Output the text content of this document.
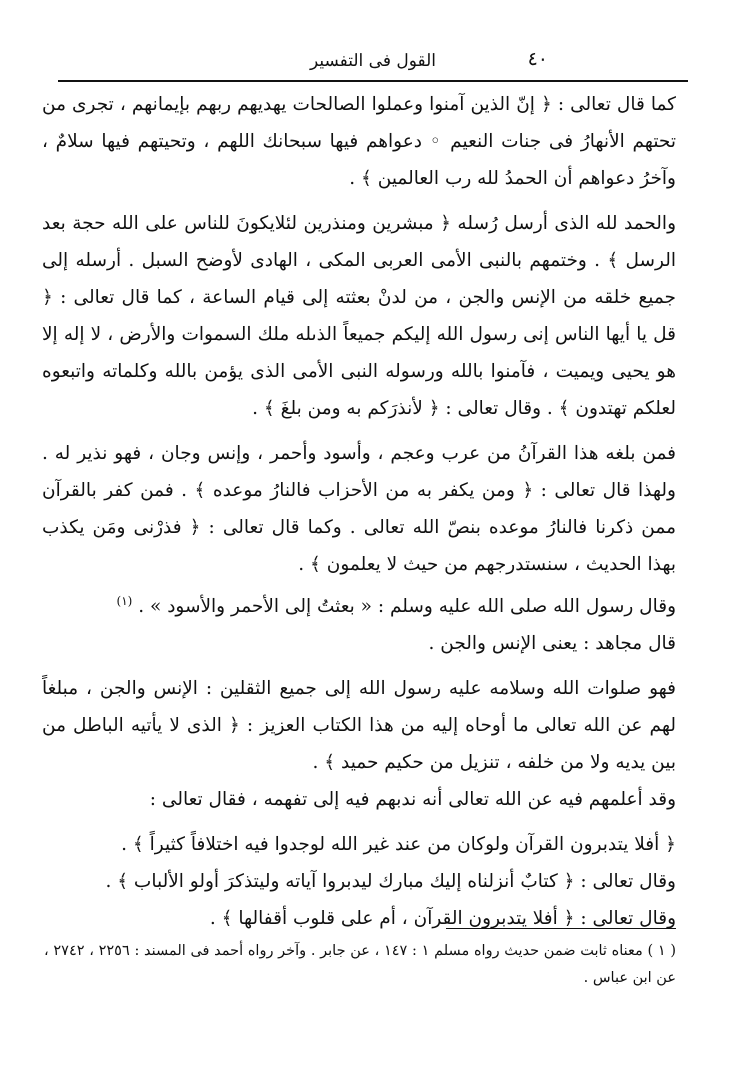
٤٠
القول فى التفسير

كما قال تعالى : ﴿ إنّ الذين آمنوا وعملوا الصالحات يهديهم ربهم بإيمانهم ، تجرى من تحتهم الأنهارُ فى جنات النعيم ◦ دعواهم فيها سبحانك اللهم ، وتحيتهم فيها سلامٌ ، وآخرُ دعواهم أن الحمدُ لله رب العالمين ﴾ .

والحمد لله الذى أرسل رُسله ﴿ مبشرين ومنذرين لئلايكونَ للناس على الله حجة بعد الرسل ﴾ . وختمهم بالنبى الأمى العربى المكى ، الهادى لأوضح السبل . أرسله إلى جميع خلقه من الإنس والجن ، من لدنْ بعثته إلى قيام الساعة ، كما قال تعالى : ﴿ قل يا أيها الناس إنى رسول الله إليكم جميعاً الذىله ملك السموات والأرض ، لا إله إلا هو يحيى ويميت ، فآمنوا بالله ورسوله النبى الأمى الذى يؤمن بالله وكلماته واتبعوه لعلكم تهتدون ﴾ . وقال تعالى : ﴿ لأنذرَكم به ومن بلغَ ﴾ .

فمن بلغه هذا القرآنُ من عرب وعجم ، وأسود وأحمر ، وإنس وجان ، فهو نذير له . ولهذا قال تعالى : ﴿ ومن يكفر به من الأحزاب فالنارُ موعده ﴾ . فمن كفر بالقرآن ممن ذكرنا فالنارُ موعده بنصّ الله تعالى . وكما قال تعالى : ﴿ فذرْنى ومَن يكذب بهذا الحديث ، سنستدرجهم من حيث لا يعلمون ﴾ .

وقال رسول الله صلى الله عليه وسلم : « بعثتُ إلى الأحمر والأسود » . $^{(١)}$

قال مجاهد : يعنى الإنس والجن .

فهو صلوات الله وسلامه عليه رسول الله إلى جميع الثقلين : الإنس والجن ، مبلغاً لهم عن الله تعالى ما أوحاه إليه من هذا الكتاب العزيز : ﴿ الذى لا يأتيه الباطل من بين يديه ولا من خلفه ، تنزيل من حكيم حميد ﴾ .

وقد أعلمهم فيه عن الله تعالى أنه ندبهم فيه إلى تفهمه ، فقال تعالى :

﴿ أفلا يتدبرون القرآن ولوكان من عند غير الله لوجدوا فيه اختلافاً كثيراً ﴾ .

وقال تعالى : ﴿ كتابٌ أنزلناه إليك مبارك ليدبروا آياته وليتذكرَ أولو الألباب ﴾ .

وقال تعالى : ﴿ أفلا يتدبرون القرآن ، أم على قلوب أقفالها ﴾ .

( ١ ) معناه ثابت ضمن حديث رواه مسلم ١ : ١٤٧ ، عن جابر . وآخر رواه أحمد فى المسند : ٢٢٥٦ ، ٢٧٤٢ ، عن ابن عباس .
